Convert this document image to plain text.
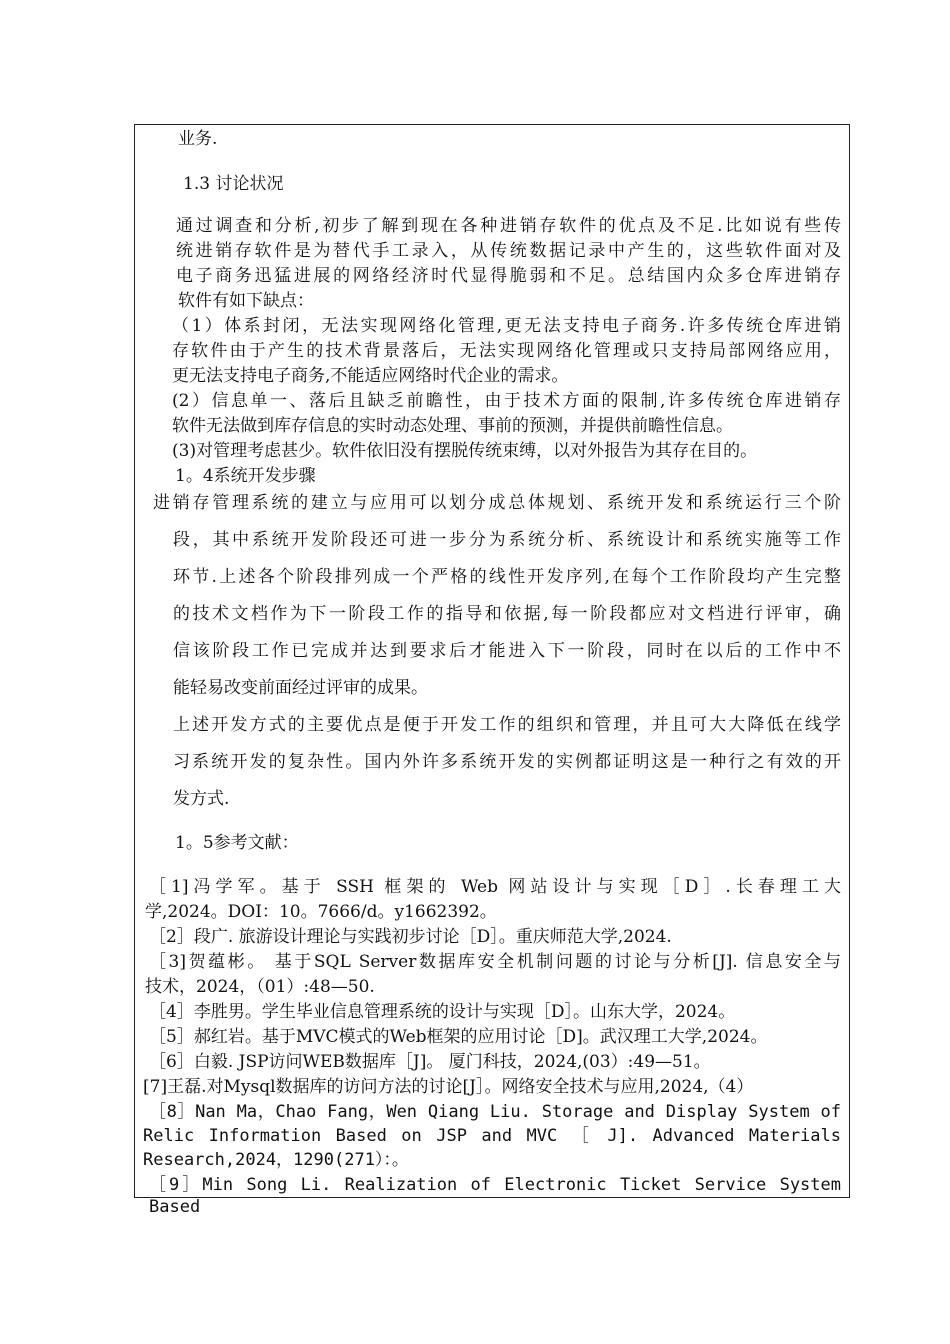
业务.
1.3 讨论状况
通过调查和分析,初步了解到现在各种进销存软件的优点及不足.比如说有些传
统进销存软件是为替代手工录入，从传统数据记录中产生的，这些软件面对及
电子商务迅猛进展的网络经济时代显得脆弱和不足。总结国内众多仓库进销存
软件有如下缺点：
（1）体系封闭，无法实现网络化管理,更无法支持电子商务.许多传统仓库进销
存软件由于产生的技术背景落后，无法实现网络化管理或只支持局部网络应用，
更无法支持电子商务,不能适应网络时代企业的需求。
(2）信息单一、落后且缺乏前瞻性，由于技术方面的限制,许多传统仓库进销存
软件无法做到库存信息的实时动态处理、事前的预测，并提供前瞻性信息。
(3)对管理考虑甚少。软件依旧没有摆脱传统束缚，以对外报告为其存在目的。
1。4系统开发步骤
进销存管理系统的建立与应用可以划分成总体规划、系统开发和系统运行三个阶
段，其中系统开发阶段还可进一步分为系统分析、系统设计和系统实施等工作
环节.上述各个阶段排列成一个严格的线性开发序列,在每个工作阶段均产生完整
的技术文档作为下一阶段工作的指导和依据,每一阶段都应对文档进行评审，确
信该阶段工作已完成并达到要求后才能进入下一阶段，同时在以后的工作中不
能轻易改变前面经过评审的成果。
上述开发方式的主要优点是便于开发工作的组织和管理，并且可大大降低在线学
习系统开发的复杂性。国内外许多系统开发的实例都证明这是一种行之有效的开
发方式.
1。5参考文献：
［1]冯学军。基于 SSH 框架的 Web 网站设计与实现［D］.长春理工大
学,2024。DOI：10。7666/d。y1662392。
［2］段广. 旅游设计理论与实践初步讨论［D］。重庆师范大学,2024.
［3]贺蕴彬。 基于SQL Server数据库安全机制问题的讨论与分析[J]. 信息安全与
技术，2024，（01）:48—50.
［4］李胜男。学生毕业信息管理系统的设计与实现［D］。山东大学，2024。
［5］郝红岩。基于MVC模式的Web框架的应用讨论［D]。武汉理工大学,2024。
［6］白毅. JSP访问WEB数据库［J]。 厦门科技，2024,(03）:49—51。
[7]王磊.对Mysql数据库的访问方法的讨论[J］。网络安全技术与应用,2024,（4）
［8］Nan Ma，Chao Fang，Wen Qiang Liu. Storage and Display System of
Relic Information Based on JSP and MVC ［ J]. Advanced Materials
Research,2024，1290(271）：。
［9］Min Song Li. Realization of Electronic Ticket Service System Based
